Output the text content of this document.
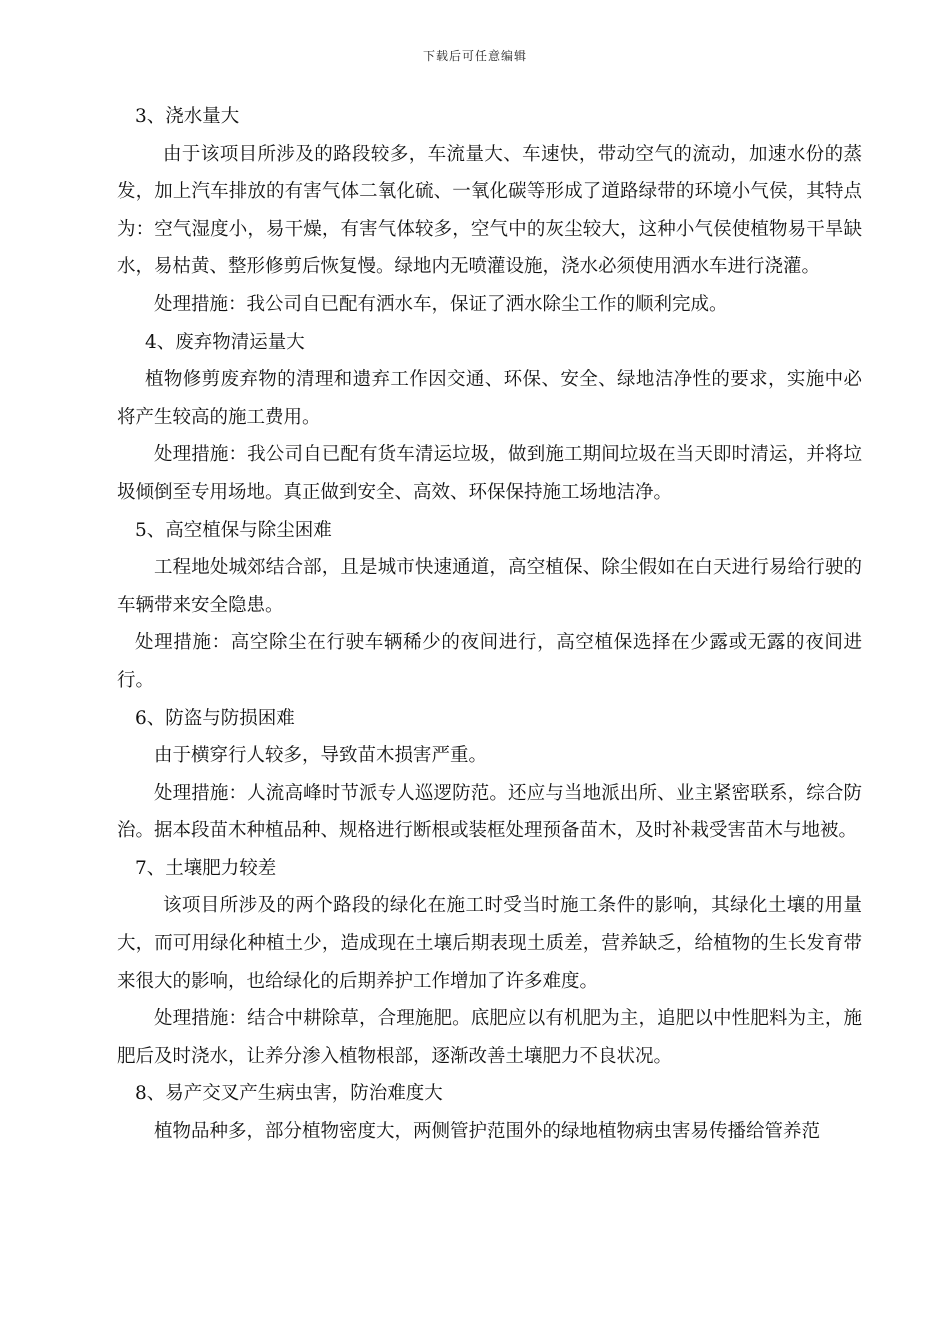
下载后可任意编辑

3、浇水量大

由于该项目所涉及的路段较多，车流量大、车速快，带动空气的流动，加速水份的蒸发，加上汽车排放的有害气体二氧化硫、一氧化碳等形成了道路绿带的环境小气侯，其特点为：空气湿度小，易干燥，有害气体较多，空气中的灰尘较大，这种小气侯使植物易干旱缺水，易枯黄、整形修剪后恢复慢。绿地内无喷灌设施，浇水必须使用洒水车进行浇灌。

处理措施：我公司自已配有洒水车，保证了洒水除尘工作的顺利完成。

4、废弃物清运量大

植物修剪废弃物的清理和遗弃工作因交通、环保、安全、绿地洁净性的要求，实施中必将产生较高的施工费用。

处理措施：我公司自已配有货车清运垃圾，做到施工期间垃圾在当天即时清运，并将垃圾倾倒至专用场地。真正做到安全、高效、环保保持施工场地洁净。

5、高空植保与除尘困难

工程地处城郊结合部，且是城市快速通道，高空植保、除尘假如在白天进行易给行驶的车辆带来安全隐患。

处理措施：高空除尘在行驶车辆稀少的夜间进行，高空植保选择在少露或无露的夜间进行。

6、防盗与防损困难

由于横穿行人较多，导致苗木损害严重。

处理措施：人流高峰时节派专人巡逻防范。还应与当地派出所、业主紧密联系，综合防治。据本段苗木种植品种、规格进行断根或装框处理预备苗木，及时补栽受害苗木与地被。

7、土壤肥力较差

该项目所涉及的两个路段的绿化在施工时受当时施工条件的影响，其绿化土壤的用量大，而可用绿化种植土少，造成现在土壤后期表现土质差，营养缺乏，给植物的生长发育带来很大的影响，也给绿化的后期养护工作增加了许多难度。

处理措施：结合中耕除草，合理施肥。底肥应以有机肥为主，追肥以中性肥料为主，施肥后及时浇水，让养分渗入植物根部，逐渐改善土壤肥力不良状况。

8、易产交叉产生病虫害，防治难度大

植物品种多，部分植物密度大，两侧管护范围外的绿地植物病虫害易传播给管养范
